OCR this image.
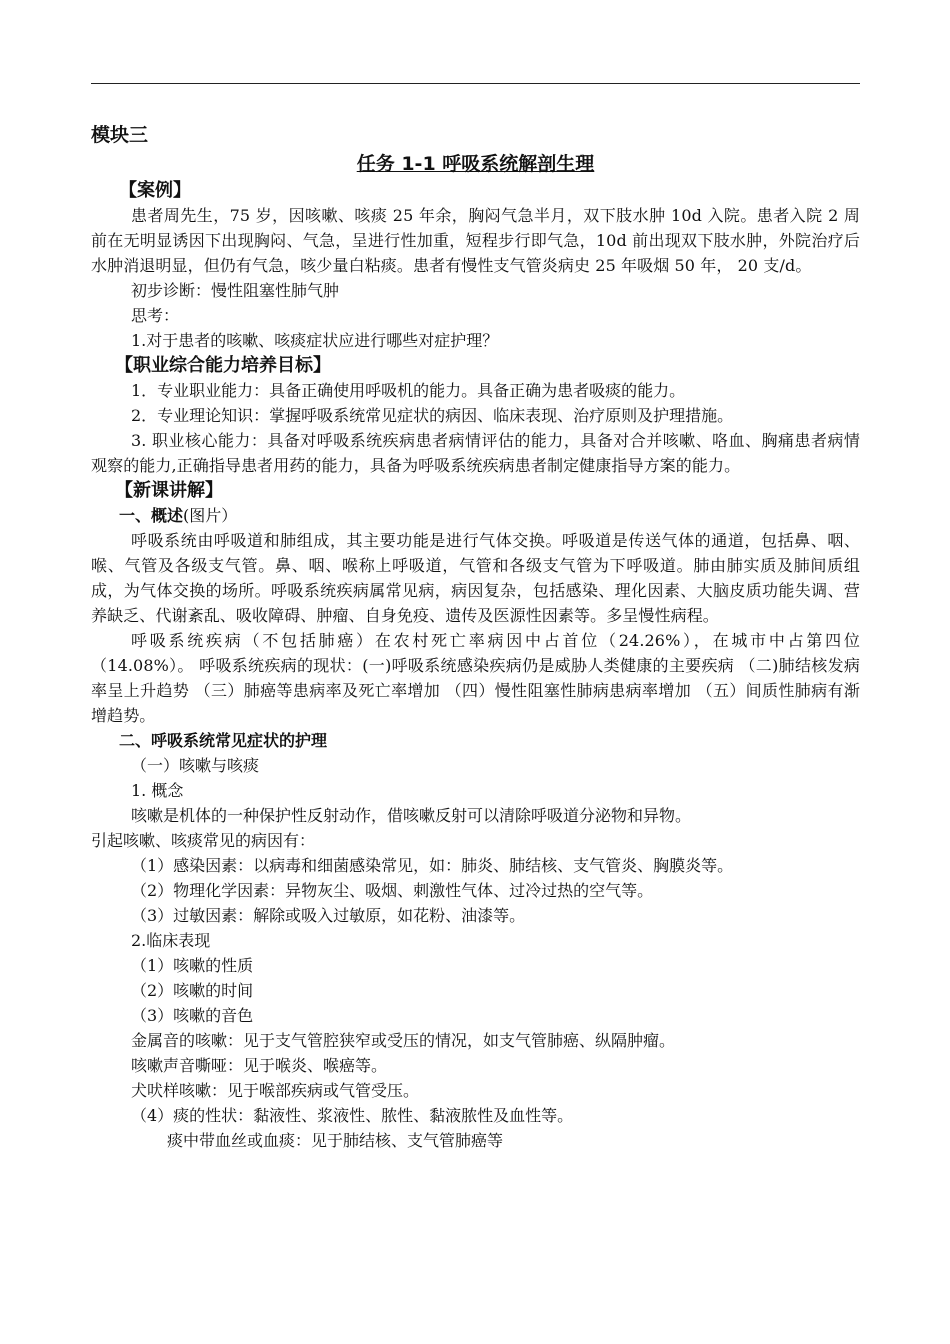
模块三

任务 1-1 呼吸系统解剖生理

【案例】

患者周先生，75 岁，因咳嗽、咳痰 25 年余，胸闷气急半月，双下肢水肿 10d 入院。患者入院 2 周前在无明显诱因下出现胸闷、气急，呈进行性加重，短程步行即气急，10d 前出现双下肢水肿，外院治疗后水肿消退明显，但仍有气急，咳少量白粘痰。患者有慢性支气管炎病史 25 年吸烟 50 年， 20 支/d。

初步诊断：慢性阻塞性肺气肿

思考：

1.对于患者的咳嗽、咳痰症状应进行哪些对症护理？

【职业综合能力培养目标】

1．专业职业能力：具备正确使用呼吸机的能力。具备正确为患者吸痰的能力。

2．专业理论知识：掌握呼吸系统常见症状的病因、临床表现、治疗原则及护理措施。

3. 职业核心能力：具备对呼吸系统疾病患者病情评估的能力，具备对合并咳嗽、咯血、胸痛患者病情观察的能力,正确指导患者用药的能力，具备为呼吸系统疾病患者制定健康指导方案的能力。

【新课讲解】

一、概述(图片）

呼吸系统由呼吸道和肺组成，其主要功能是进行气体交换。呼吸道是传送气体的通道，包括鼻、咽、喉、气管及各级支气管。鼻、咽、喉称上呼吸道，气管和各级支气管为下呼吸道。肺由肺实质及肺间质组成，为气体交换的场所。呼吸系统疾病属常见病，病因复杂，包括感染、理化因素、大脑皮质功能失调、营养缺乏、代谢紊乱、吸收障碍、肿瘤、自身免疫、遗传及医源性因素等。多呈慢性病程。

呼吸系统疾病（不包括肺癌）在农村死亡率病因中占首位（24.26%），在城市中占第四位（14.08%）。 呼吸系统疾病的现状：(一)呼吸系统感染疾病仍是威胁人类健康的主要疾病 （二)肺结核发病率呈上升趋势 （三）肺癌等患病率及死亡率增加 （四）慢性阻塞性肺病患病率增加 （五）间质性肺病有渐增趋势。

二、呼吸系统常见症状的护理

（一）咳嗽与咳痰

1. 概念

咳嗽是机体的一种保护性反射动作，借咳嗽反射可以清除呼吸道分泌物和异物。

引起咳嗽、咳痰常见的病因有：

（1）感染因素：以病毒和细菌感染常见，如：肺炎、肺结核、支气管炎、胸膜炎等。

（2）物理化学因素：异物灰尘、吸烟、刺激性气体、过冷过热的空气等。

（3）过敏因素：解除或吸入过敏原，如花粉、油漆等。

2.临床表现

（1）咳嗽的性质

（2）咳嗽的时间

（3）咳嗽的音色

金属音的咳嗽：见于支气管腔狭窄或受压的情况，如支气管肺癌、纵隔肿瘤。

咳嗽声音嘶哑：见于喉炎、喉癌等。

犬吠样咳嗽：见于喉部疾病或气管受压。

（4）痰的性状：黏液性、浆液性、脓性、黏液脓性及血性等。

痰中带血丝或血痰：见于肺结核、支气管肺癌等
